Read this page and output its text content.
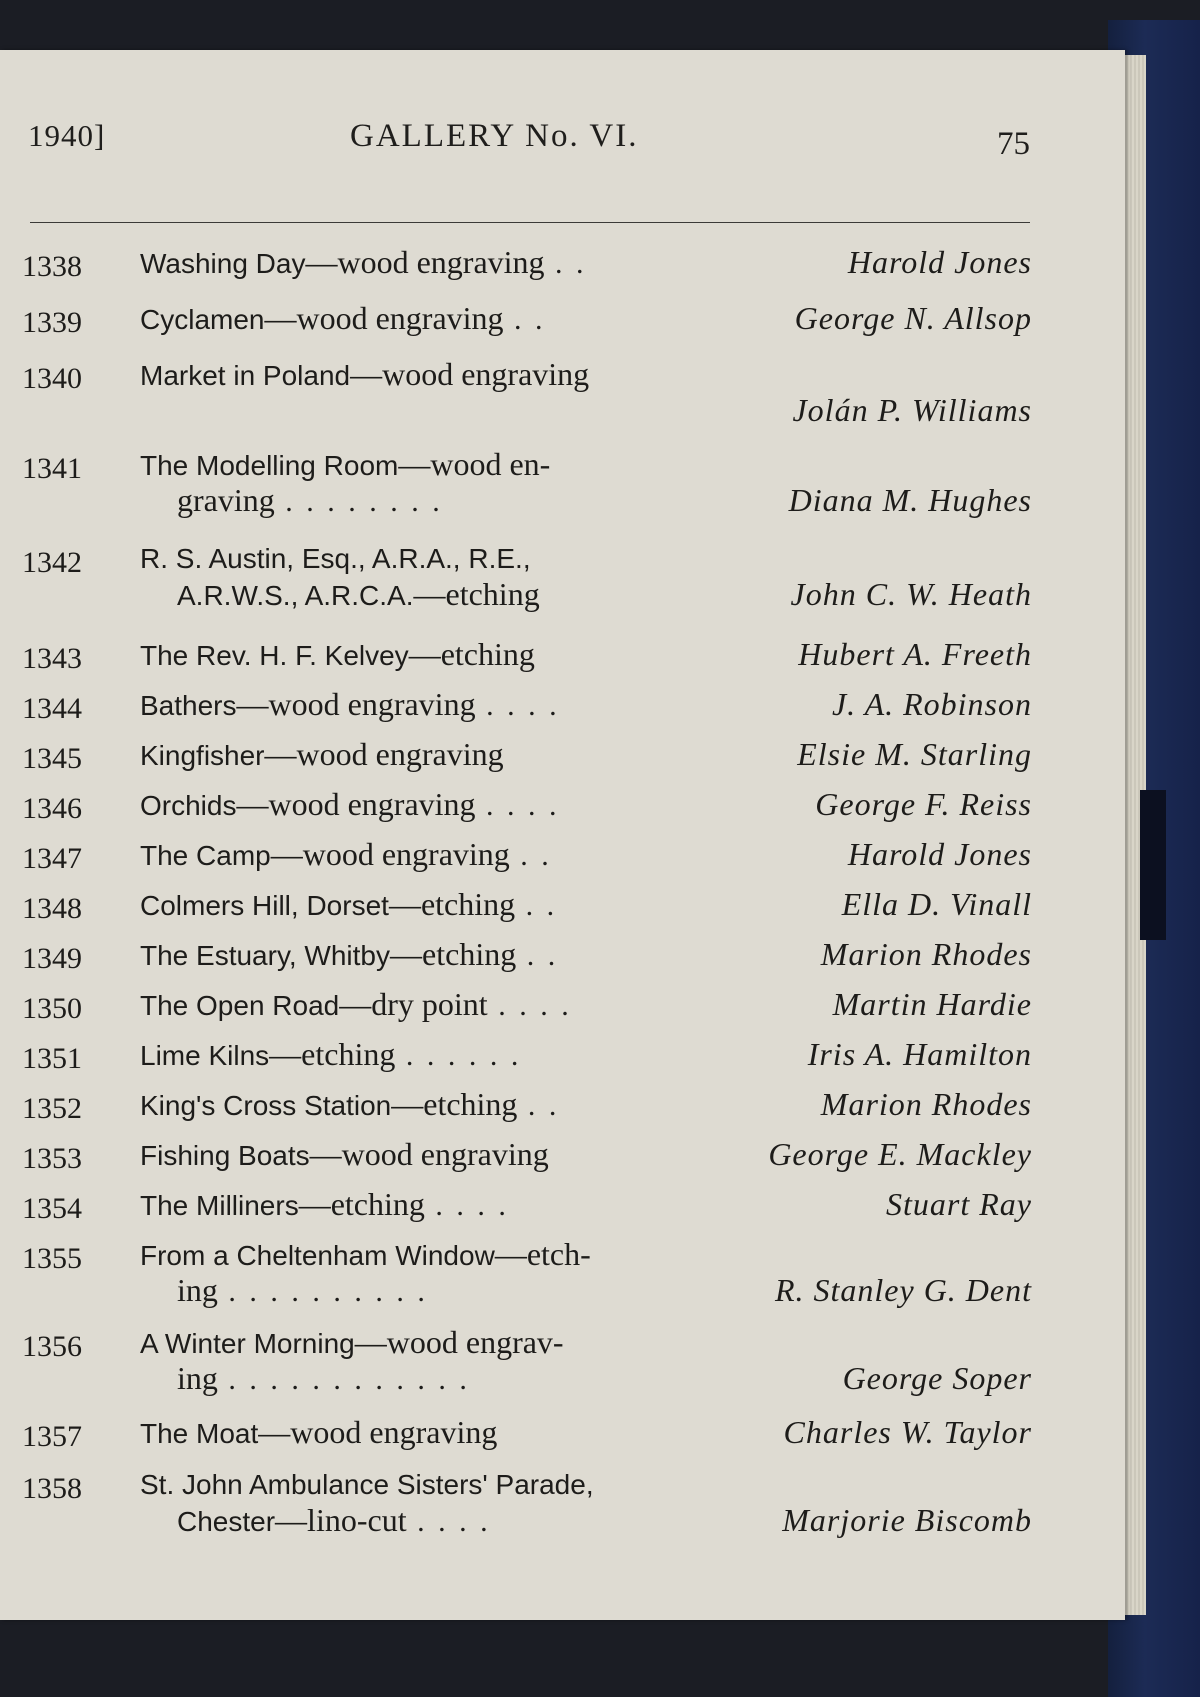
1940]	GALLERY No. VI.	75
1338 Washing Day—wood engraving . .	Harold Jones
1339 Cyclamen—wood engraving . .	George N. Allsop
1340 Market in Poland—wood engraving
Jolán P. Williams
1341 The Modelling Room—wood en-
graving . . . . . . . .	Diana M. Hughes
1342 R. S. Austin, Esq., A.R.A., R.E.,
A.R.W.S., A.R.C.A.—etching	John C. W. Heath
1343 The Rev. H. F. Kelvey—etching	Hubert A. Freeth
1344 Bathers—wood engraving . . . .	J. A. Robinson
1345 Kingfisher—wood engraving	Elsie M. Starling
1346 Orchids—wood engraving . . . .	George F. Reiss
1347 The Camp—wood engraving . .	Harold Jones
1348 Colmers Hill, Dorset—etching . .	Ella D. Vinall
1349 The Estuary, Whitby—etching . .	Marion Rhodes
1350 The Open Road—dry point . . . .	Martin Hardie
1351 Lime Kilns—etching . . . . . .	Iris A. Hamilton
1352 King's Cross Station—etching . .	Marion Rhodes
1353 Fishing Boats—wood engraving	George E. Mackley
1354 The Milliners—etching . . . .	Stuart Ray
1355 From a Cheltenham Window—etch-
ing . . . . . . . . . .	R. Stanley G. Dent
1356 A Winter Morning—wood engrav-
ing . . . . . . . . . . . .	George Soper
1357 The Moat—wood engraving	Charles W. Taylor
1358 St. John Ambulance Sisters' Parade,
Chester—lino-cut . . . .	Marjorie Biscomb
